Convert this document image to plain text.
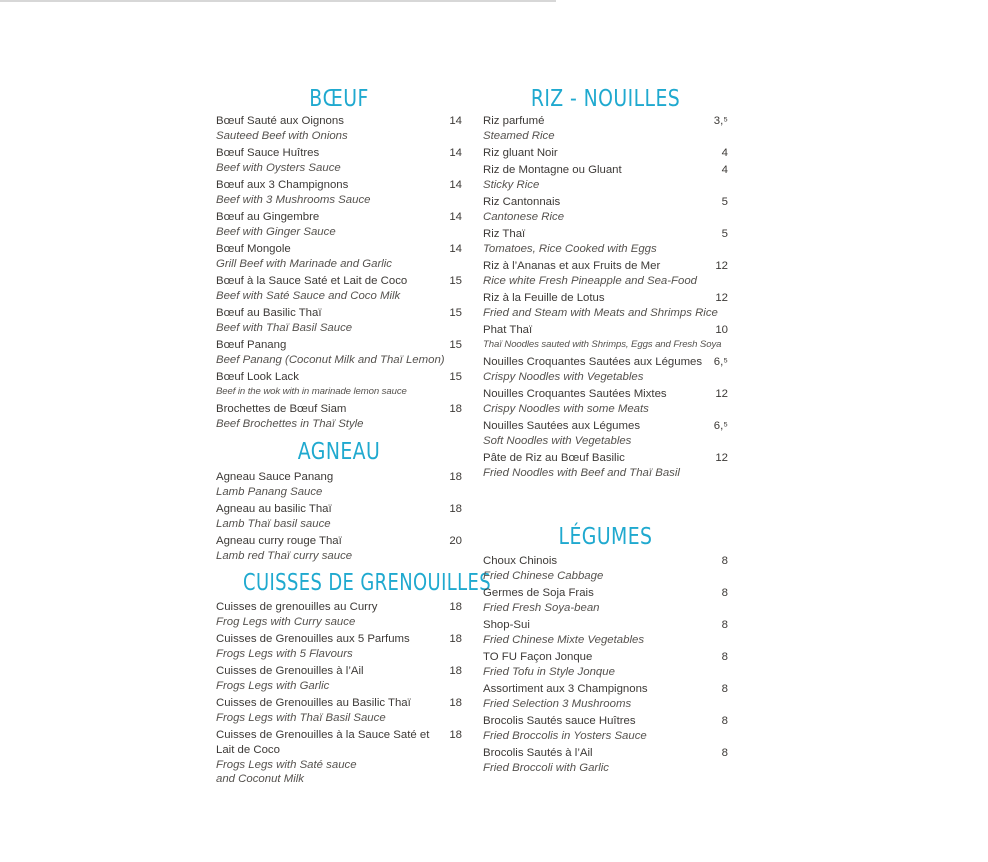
BŒUF
Bœuf Sauté aux Oignons
Sauteed Beef with Onions
14
Bœuf Sauce Huîtres
Beef with Oysters Sauce
14
Bœuf aux 3 Champignons
Beef with 3 Mushrooms Sauce
14
Bœuf au Gingembre
Beef with Ginger Sauce
14
Bœuf Mongole
Grill Beef with Marinade and Garlic
14
Bœuf à la Sauce Saté et Lait de Coco
Beef with Saté Sauce and Coco Milk
15
Bœuf au Basilic Thaï
Beef with Thaï Basil Sauce
15
Bœuf Panang
Beef Panang (Coconut Milk and Thaï Lemon)
15
Bœuf Look Lack
Beef in the wok with in marinade lemon sauce
15
Brochettes de Bœuf Siam
Beef Brochettes in Thaï Style
18
AGNEAU
Agneau Sauce Panang
Lamb Panang Sauce
18
Agneau au basilic Thaï
Lamb Thaï basil sauce
18
Agneau curry rouge Thaï
Lamb red Thaï curry sauce
20
CUISSES DE GRENOUILLES
Cuisses de grenouilles au Curry
Frog Legs with Curry sauce
18
Cuisses de Grenouilles aux 5 Parfums
Frogs Legs with 5 Flavours
18
Cuisses de Grenouilles à l’Ail
Frogs Legs with Garlic
18
Cuisses de Grenouilles au Basilic Thaï
Frogs Legs with Thaï Basil Sauce
18
Cuisses de Grenouilles à la Sauce Saté et Lait de Coco
Frogs Legs with Saté sauce and Coconut Milk
18
RIZ - NOUILLES
Riz parfumé
Steamed Rice
3,⁵
Riz gluant Noir	4
Riz de Montagne ou Gluant
Sticky Rice
4
Riz Cantonnais
Cantonese Rice
5
Riz Thaï
Tomatoes, Rice Cooked with Eggs
5
Riz à l’Ananas et aux Fruits de Mer
Rice white Fresh Pineapple and Sea-Food
12
Riz à la Feuille de Lotus
Fried and Steam with Meats and Shrimps Rice
12
Phat Thaï
Thaï Noodles sauted with Shrimps, Eggs and Fresh Soya
10
Nouilles Croquantes Sautées aux Légumes
Crispy Noodles with Vegetables
6,⁵
Nouilles Croquantes Sautées Mixtes
Crispy Noodles with some Meats
12
Nouilles Sautées aux Légumes
Soft Noodles with Vegetables
6,⁵
Pâte de Riz au Bœuf Basilic
Fried Noodles with Beef and Thaï Basil
12
LÉGUMES
Choux Chinois
Fried Chinese Cabbage
8
Germes de Soja Frais
Fried Fresh Soya-bean
8
Shop-Sui
Fried Chinese Mixte Vegetables
8
TO FU Façon Jonque
Fried Tofu in Style Jonque
8
Assortiment aux 3 Champignons
Fried Selection 3 Mushrooms
8
Brocolis Sautés sauce Huîtres
Fried Broccolis in Yosters Sauce
8
Brocolis Sautés à l’Ail
Fried Broccoli with Garlic
8
